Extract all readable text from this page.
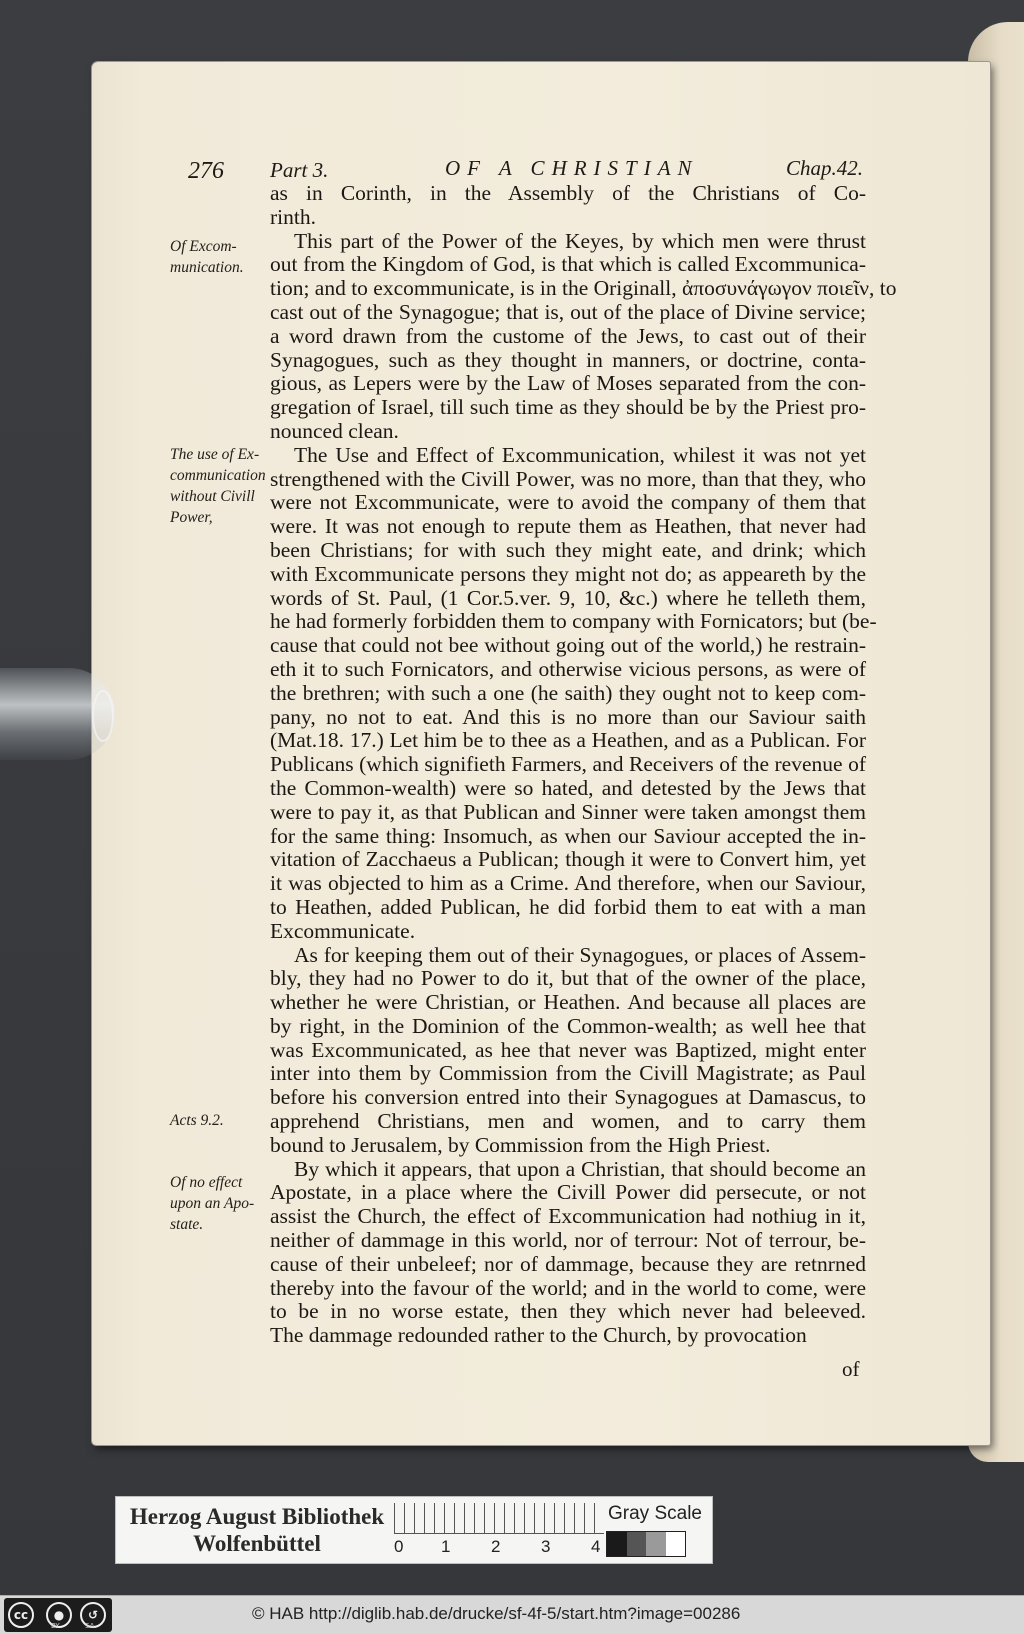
276 Part 3.	OF A CHRISTIAN	Chap.42.
Of Excom-
munication.
The use of Ex-
communication
without Civill
Power,
Acts 9.2.
Of no effect
upon an Apo-
state.
as in Corinth, in the Assembly of the Christians of Co-
rinth.
This part of the Power of the Keyes, by which men were thrust
out from the Kingdom of God, is that which is called Excommunica-
tion; and to excommunicate, is in the Originall, ἀποσυνάγωγον ποιεῖν, to
cast out of the Synagogue; that is, out of the place of Divine service;
a word drawn from the custome of the Jews, to cast out of their
Synagogues, such as they thought in manners, or doctrine, conta-
gious, as Lepers were by the Law of Moses separated from the con-
gregation of Israel, till such time as they should be by the Priest pro-
nounced clean.
The Use and Effect of Excommunication, whilest it was not yet
strengthened with the Civill Power, was no more, than that they, who
were not Excommunicate, were to avoid the company of them that
were. It was not enough to repute them as Heathen, that never had
been Christians; for with such they might eate, and drink; which
with Excommunicate persons they might not do; as appeareth by the
words of St. Paul, (1 Cor.5.ver. 9, 10, &c.) where he telleth them,
he had formerly forbidden them to company with Fornicators; but (be-
cause that could not bee without going out of the world,) he restrain-
eth it to such Fornicators, and otherwise vicious persons, as were of
the brethren; with such a one (he saith) they ought not to keep com-
pany, no not to eat. And this is no more than our Saviour saith
(Mat.18. 17.) Let him be to thee as a Heathen, and as a Publican. For
Publicans (which signifieth Farmers, and Receivers of the revenue of
the Common-wealth) were so hated, and detested by the Jews that
were to pay it, as that Publican and Sinner were taken amongst them
for the same thing: Insomuch, as when our Saviour accepted the in-
vitation of Zacchaeus a Publican; though it were to Convert him, yet
it was objected to him as a Crime. And therefore, when our Saviour,
to Heathen, added Publican, he did forbid them to eat with a man
Excommunicate.
As for keeping them out of their Synagogues, or places of Assem-
bly, they had no Power to do it, but that of the owner of the place,
whether he were Christian, or Heathen. And because all places are
by right, in the Dominion of the Common-wealth; as well hee that
was Excommunicated, as hee that never was Baptized, might enter
inter into them by Commission from the Civill Magistrate; as Paul
before his conversion entred into their Synagogues at Damascus, to
apprehend Christians, men and women, and to carry them
bound to Jerusalem, by Commission from the High Priest.
By which it appears, that upon a Christian, that should become an
Apostate, in a place where the Civill Power did persecute, or not
assist the Church, the effect of Excommunication had nothiug in it,
neither of dammage in this world, nor of terrour: Not of terrour, be-
cause of their unbeleef; nor of dammage, because they are retnrned
thereby into the favour of the world; and in the world to come, were
to be in no worse estate, then they which never had beleeved.
The dammage redounded rather to the Church, by provocation
of
Herzog August Bibliothek
Wolfenbüttel	0 1 2 3 4
Gray Scale
cc	●	↺
BY	SA
© HAB http://diglib.hab.de/drucke/sf-4f-5/start.htm?image=00286
